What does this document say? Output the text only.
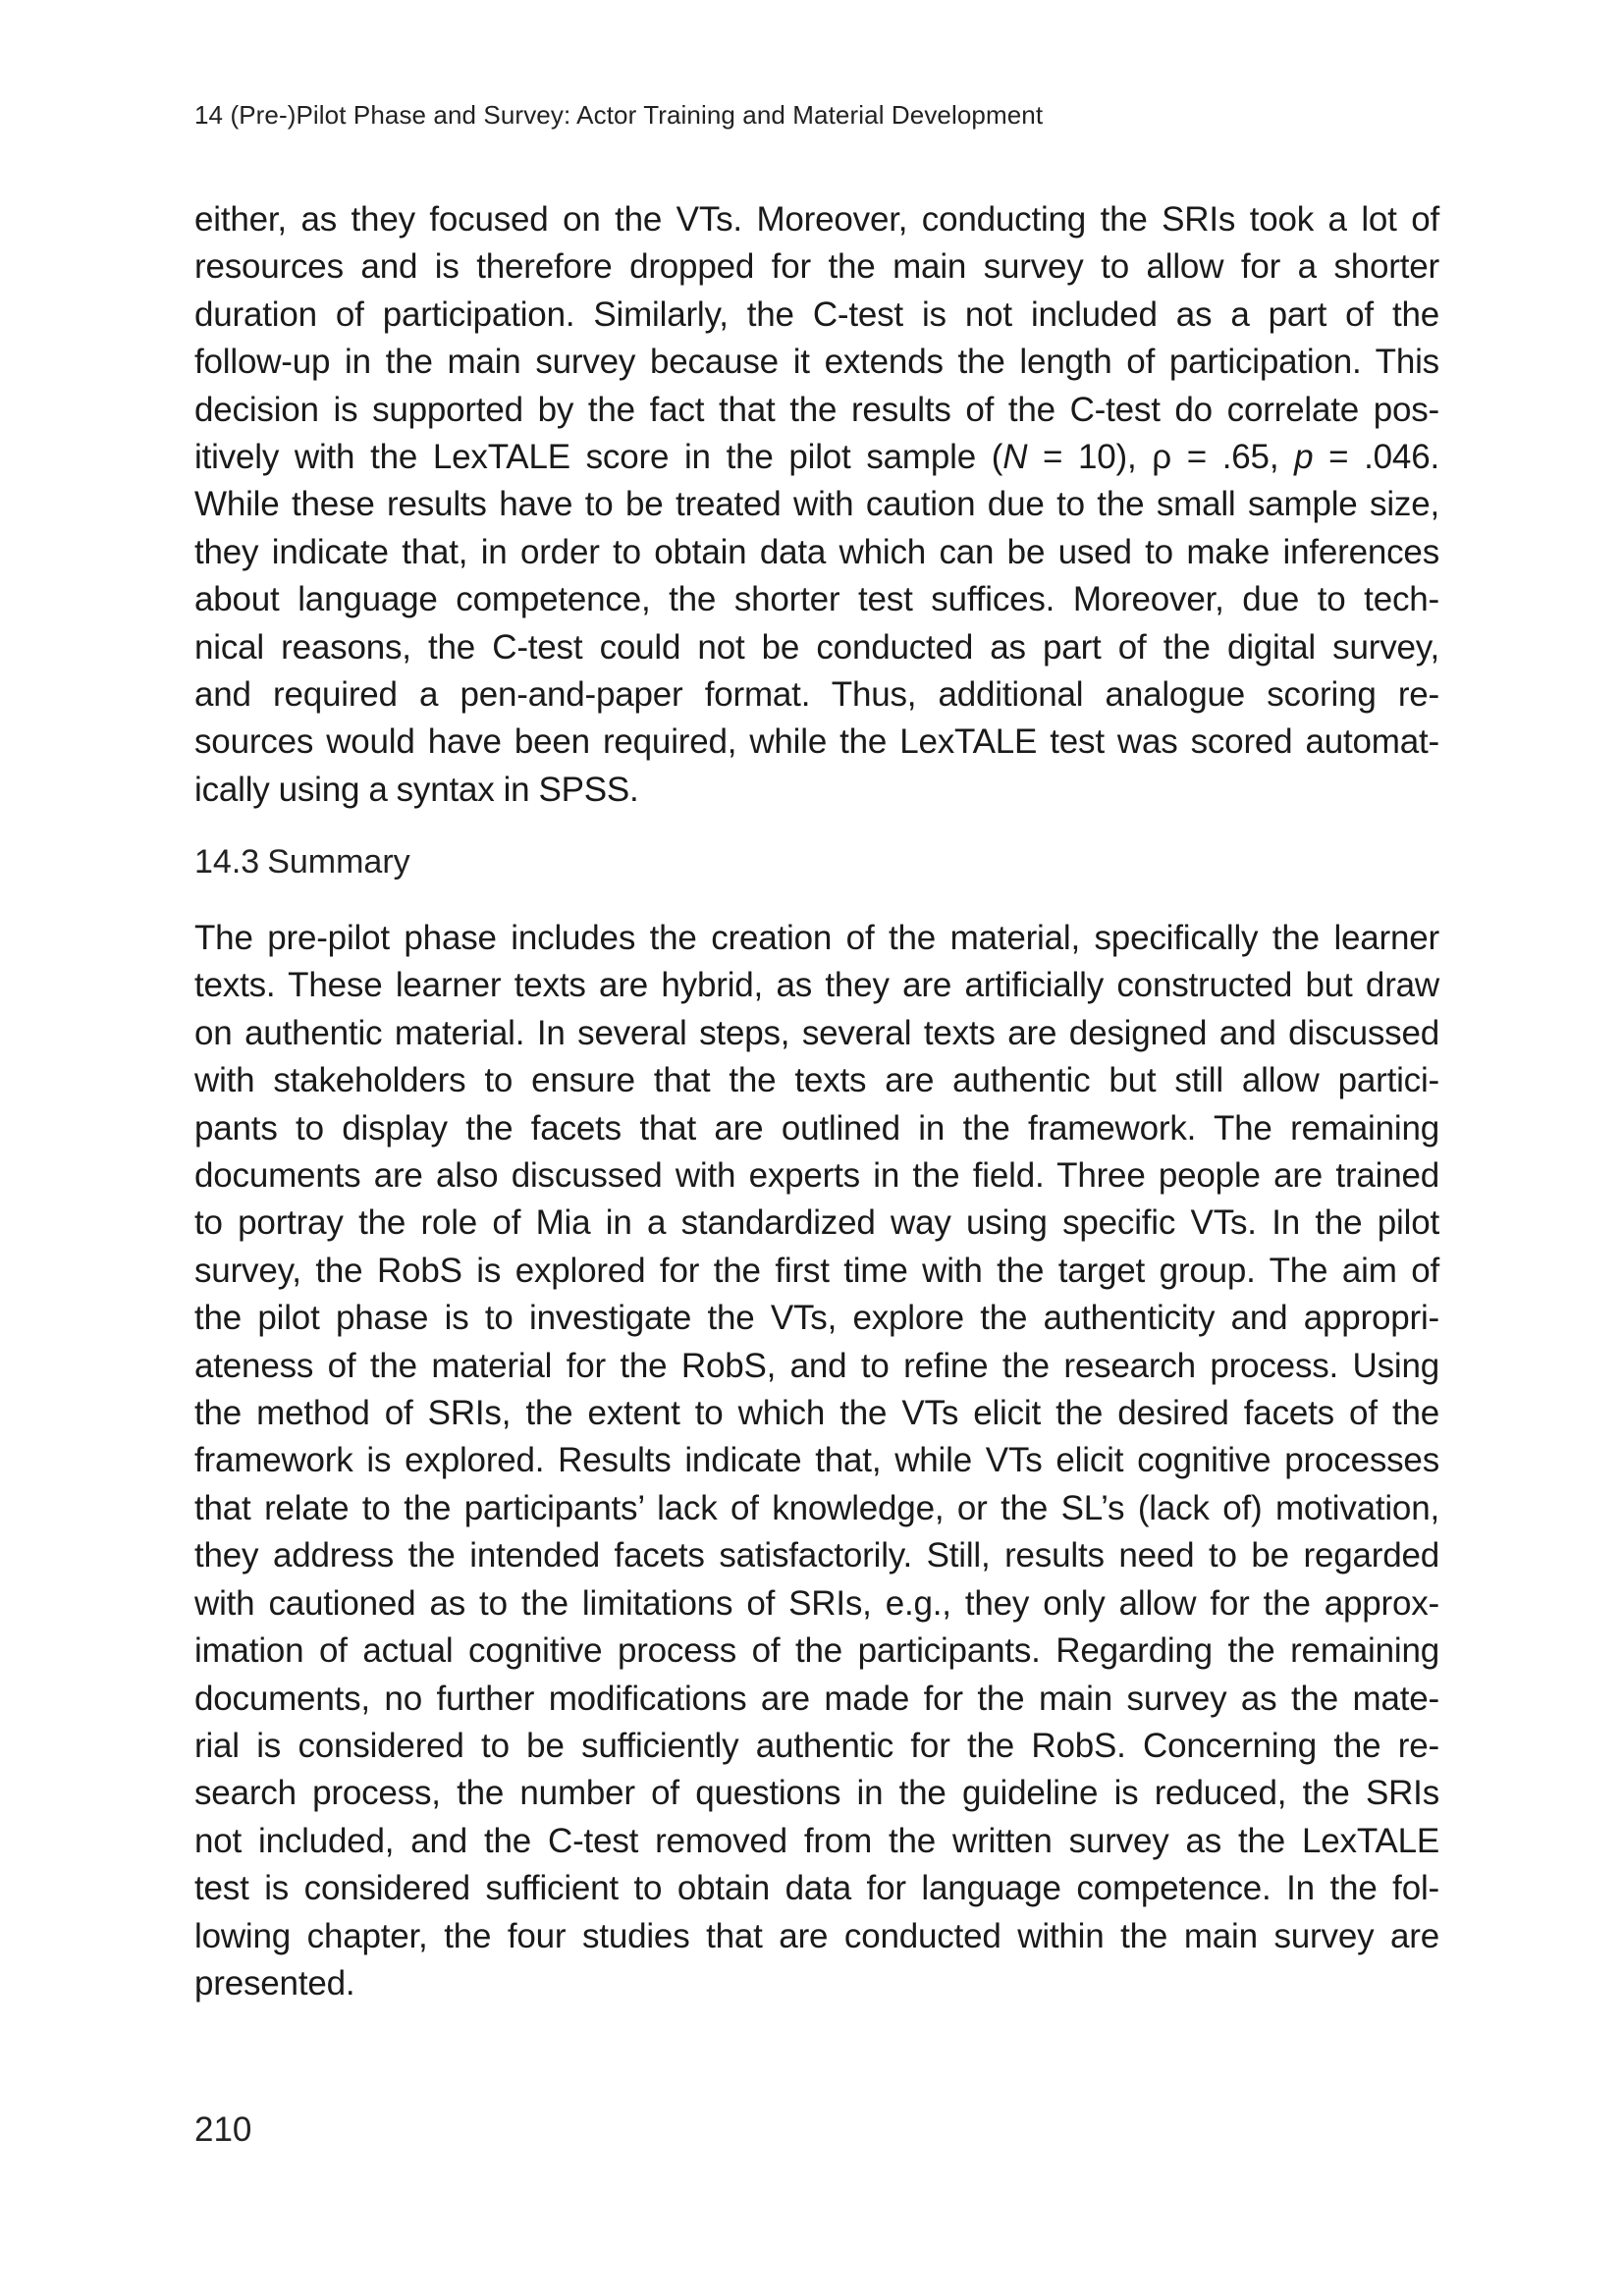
14 (Pre-)Pilot Phase and Survey: Actor Training and Material Development
either, as they focused on the VTs. Moreover, conducting the SRIs took a lot of
resources and is therefore dropped for the main survey to allow for a shorter
duration of participation. Similarly, the C-test is not included as a part of the
follow-up in the main survey because it extends the length of participation. This
decision is supported by the fact that the results of the C-test do correlate pos-
itively with the LexTALE score in the pilot sample (N = 10), ρ = .65, p = .046.
While these results have to be treated with caution due to the small sample size,
they indicate that, in order to obtain data which can be used to make inferences
about language competence, the shorter test suffices. Moreover, due to tech-
nical reasons, the C-test could not be conducted as part of the digital survey,
and required a pen-and-paper format. Thus, additional analogue scoring re-
sources would have been required, while the LexTALE test was scored automat-
ically using a syntax in SPSS.
14.3 Summary
The pre-pilot phase includes the creation of the material, specifically the learner
texts. These learner texts are hybrid, as they are artificially constructed but draw
on authentic material. In several steps, several texts are designed and discussed
with stakeholders to ensure that the texts are authentic but still allow partici-
pants to display the facets that are outlined in the framework. The remaining
documents are also discussed with experts in the field. Three people are trained
to portray the role of Mia in a standardized way using specific VTs. In the pilot
survey, the RobS is explored for the first time with the target group. The aim of
the pilot phase is to investigate the VTs, explore the authenticity and appropri-
ateness of the material for the RobS, and to refine the research process. Using
the method of SRIs, the extent to which the VTs elicit the desired facets of the
framework is explored. Results indicate that, while VTs elicit cognitive processes
that relate to the participants’ lack of knowledge, or the SL’s (lack of) motivation,
they address the intended facets satisfactorily. Still, results need to be regarded
with cautioned as to the limitations of SRIs, e.g., they only allow for the approx-
imation of actual cognitive process of the participants. Regarding the remaining
documents, no further modifications are made for the main survey as the mate-
rial is considered to be sufficiently authentic for the RobS. Concerning the re-
search process, the number of questions in the guideline is reduced, the SRIs
not included, and the C-test removed from the written survey as the LexTALE
test is considered sufficient to obtain data for language competence. In the fol-
lowing chapter, the four studies that are conducted within the main survey are
presented.
210
